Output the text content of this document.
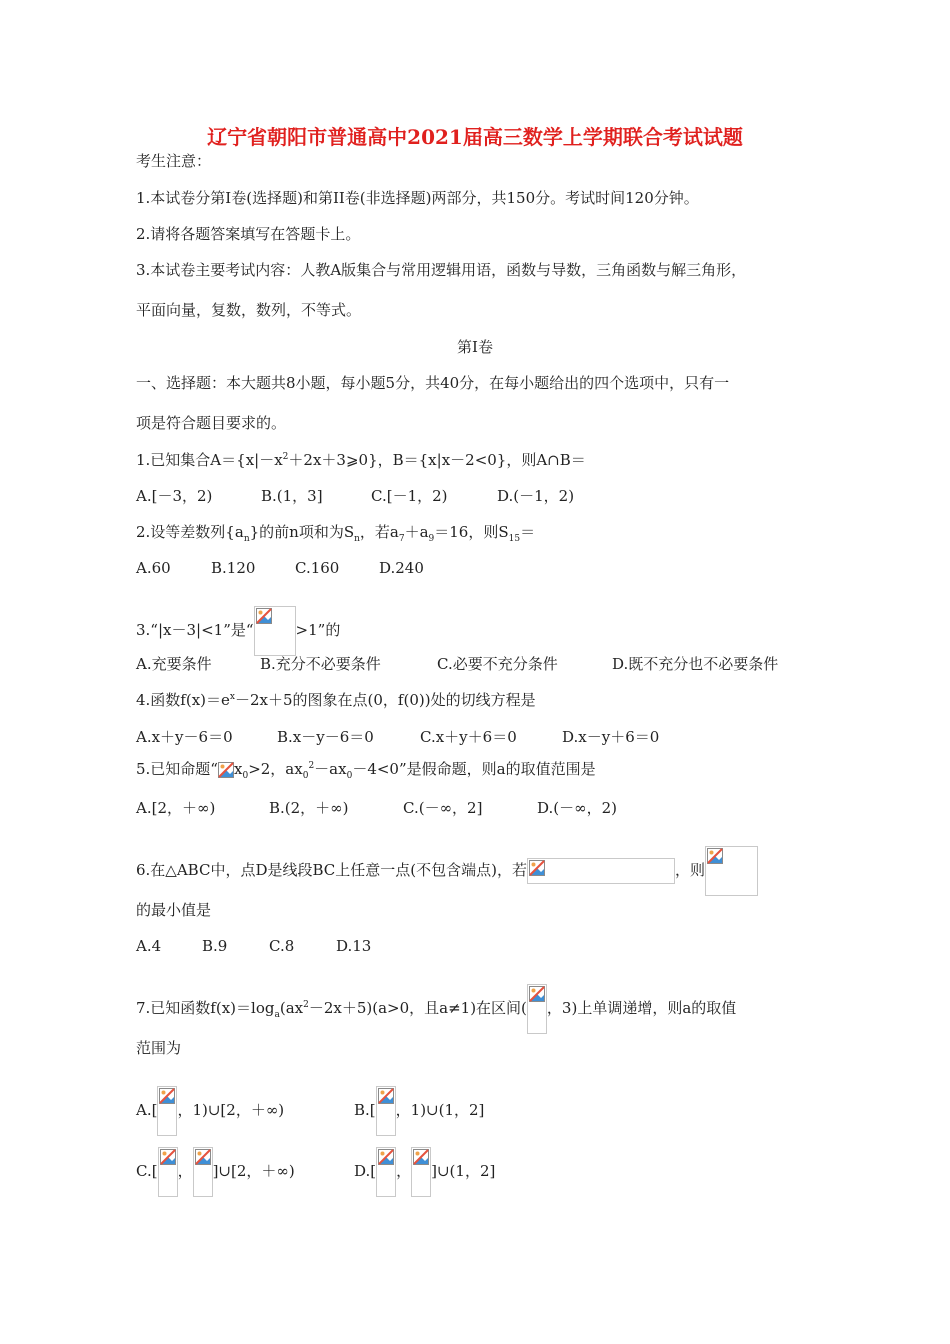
辽宁省朝阳市普通高中2021届高三数学上学期联合考试试题
考生注意：
1.本试卷分第I卷(选择题)和第II卷(非选择题)两部分，共150分。考试时间120分钟。
2.请将各题答案填写在答题卡上。
3.本试卷主要考试内容：人教A版集合与常用逻辑用语，函数与导数，三角函数与解三角形，
平面向量，复数，数列，不等式。
第I卷
一、选择题：本大题共8小题，每小题5分，共40分，在每小题给出的四个选项中，只有一
项是符合题目要求的。
1.已知集合$A=\{x|-x^2+2x+3⩾0\}$，B＝{x|x－2<0}，则A∩B＝
A.[－3，2)	B.(1，3]	C.[－1，2)	D.(－1，2)
2.设等差数列$\{a_n\}$的前n项和为$S_n$，若$a_7+a_9=16$，则$S_{15}=$
A.60	B.120	C.160	D.240
3.“|x－3|<1”是“	>1”的
A.充要条件	B.充分不必要条件	C.必要不充分条件	D.既不充分也不必要条件
4.函数$f(x)=e^x-2x+5$的图象在点(0，f(0))处的切线方程是
A.x＋y－6＝0	B.x－y－6＝0	C.x＋y＋6＝0	D.x－y＋6＝0
5.已知命题“ $x_0>2$，$ax_0^2-ax_0-4<0$”是假命题，则a的取值范围是
A.[2，＋∞)	B.(2，＋∞)	C.(－∞，2]	D.(－∞，2)
6.在△ABC中，点D是线段BC上任意一点(不包含端点)，若	，则
的最小值是
A.4	B.9	C.8	D.13
7.已知函数$f(x)=\log_a(ax^2-2x+5)(a>0$，且a≠1)在区间( ，3)上单调递增，则a的取值
范围为
A.[ ，1)∪[2，＋∞)	B.[ ，1)∪(1，2]
C.[ ， ]∪[2，＋∞)	D.[ ， ]∪(1，2]
